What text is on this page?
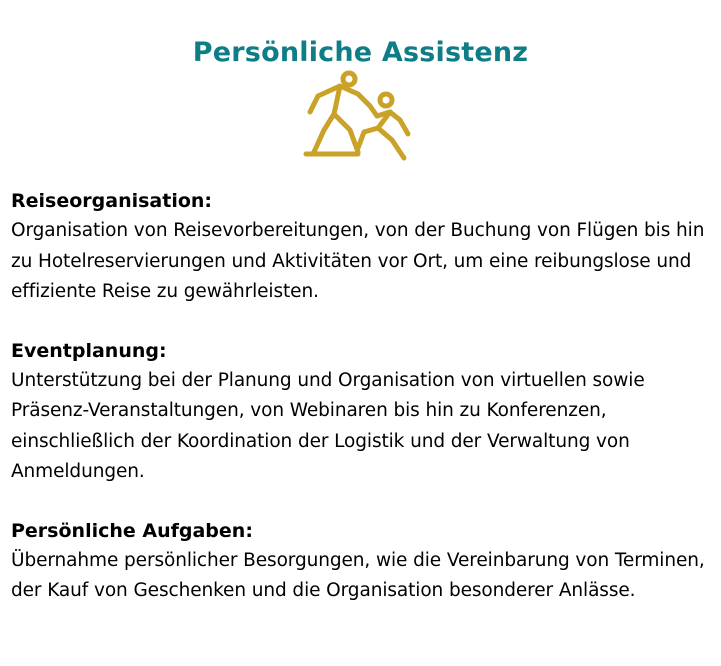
Persönliche Assistenz

Reiseorganisation:

Organisation von Reisevorbereitungen, von der Buchung von Flügen bis hin zu Hotelreservierungen und Aktivitäten vor Ort, um eine reibungslose und effiziente Reise zu gewährleisten.

Eventplanung:

Unterstützung bei der Planung und Organisation von virtuellen sowie Präsenz-Veranstaltungen, von Webinaren bis hin zu Konferenzen, einschließlich der Koordination der Logistik und der Verwaltung von Anmeldungen.

Persönliche Aufgaben:

Übernahme persönlicher Besorgungen, wie die Vereinbarung von Terminen, der Kauf von Geschenken und die Organisation besonderer Anlässe.
